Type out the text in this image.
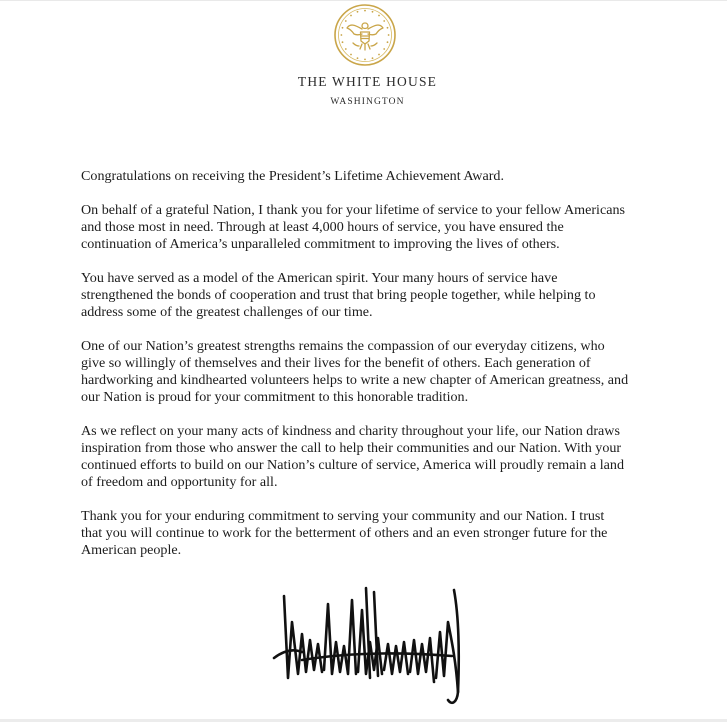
THE WHITE HOUSE
WASHINGTON

Congratulations on receiving the President’s Lifetime Achievement Award.

On behalf of a grateful Nation, I thank you for your lifetime of service to your fellow Americans
and those most in need. Through at least 4,000 hours of service, you have ensured the
continuation of America’s unparalleled commitment to improving the lives of others.

You have served as a model of the American spirit. Your many hours of service have
strengthened the bonds of cooperation and trust that bring people together, while helping to
address some of the greatest challenges of our time.

One of our Nation’s greatest strengths remains the compassion of our everyday citizens, who
give so willingly of themselves and their lives for the benefit of others. Each generation of
hardworking and kindhearted volunteers helps to write a new chapter of American greatness, and
our Nation is proud for your commitment to this honorable tradition.

As we reflect on your many acts of kindness and charity throughout your life, our Nation draws
inspiration from those who answer the call to help their communities and our Nation. With your
continued efforts to build on our Nation’s culture of service, America will proudly remain a land
of freedom and opportunity for all.

Thank you for your enduring commitment to serving your community and our Nation. I trust
that you will continue to work for the betterment of others and an even stronger future for the
American people.
